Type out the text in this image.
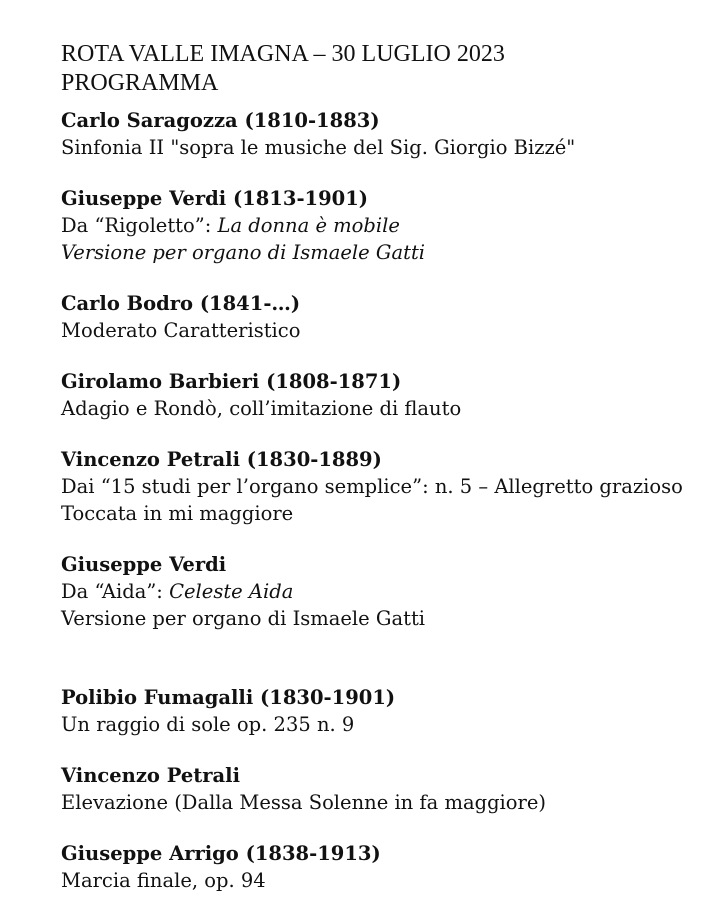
ROTA VALLE IMAGNA – 30 LUGLIO 2023
PROGRAMMA
Carlo Saragozza (1810-1883)
Sinfonia II "sopra le musiche del Sig. Giorgio Bizzé"
Giuseppe Verdi (1813-1901)
Da “Rigoletto”: La donna è mobile
Versione per organo di Ismaele Gatti
Carlo Bodro (1841-…)
Moderato Caratteristico
Girolamo Barbieri (1808-1871)
Adagio e Rondò, coll’imitazione di flauto
Vincenzo Petrali (1830-1889)
Dai “15 studi per l’organo semplice”: n. 5 – Allegretto grazioso
Toccata in mi maggiore
Giuseppe Verdi
Da “Aida”: Celeste Aida
Versione per organo di Ismaele Gatti
Polibio Fumagalli (1830-1901)
Un raggio di sole op. 235 n. 9
Vincenzo Petrali
Elevazione (Dalla Messa Solenne in fa maggiore)
Giuseppe Arrigo (1838-1913)
Marcia finale, op. 94
